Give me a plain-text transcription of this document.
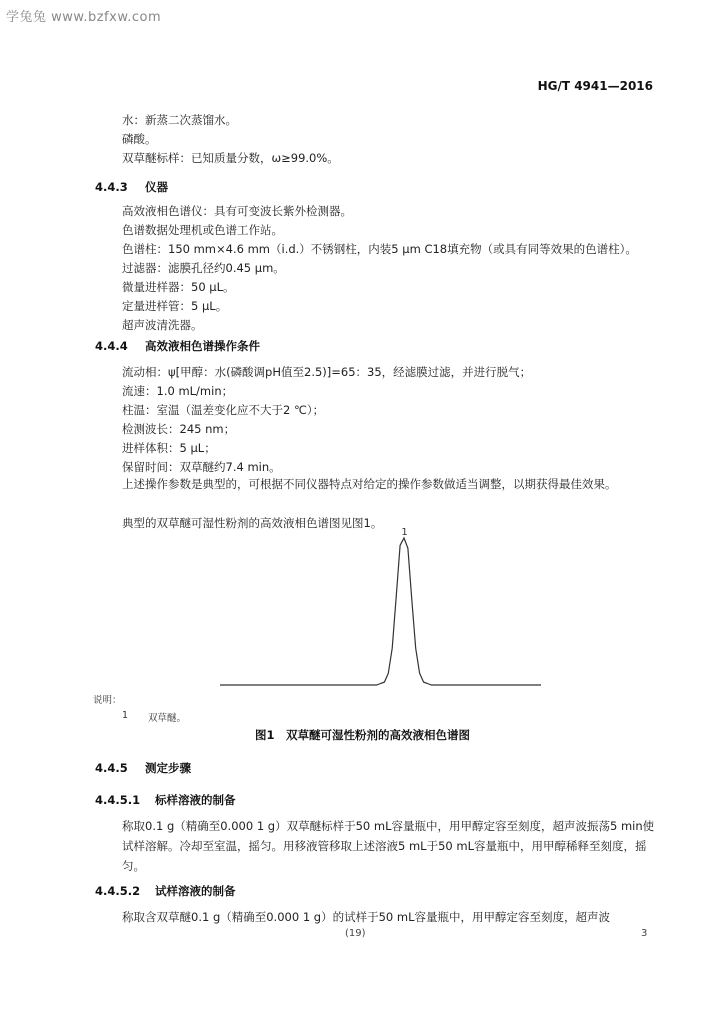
学兔兔 www.bzfxw.com
HG/T 4941—2016
水：新蒸二次蒸馏水。
磷酸。
双草醚标样：已知质量分数，ω≥99.0%。
4.4.3 仪器
高效液相色谱仪：具有可变波长紫外检测器。
色谱数据处理机或色谱工作站。
色谱柱：150 mm×4.6 mm（i.d.）不锈钢柱，内装5 μm C18填充物（或具有同等效果的色谱柱）。
过滤器：滤膜孔径约0.45 μm。
微量进样器：50 μL。
定量进样管：5 μL。
超声波清洗器。
4.4.4 高效液相色谱操作条件
流动相：ψ[甲醇：水(磷酸调pH值至2.5)]=65：35，经滤膜过滤，并进行脱气；
流速：1.0 mL/min；
柱温：室温（温差变化应不大于2 ℃）；
检测波长：245 nm；
进样体积：5 μL；
保留时间：双草醚约7.4 min。
上述操作参数是典型的，可根据不同仪器特点对给定的操作参数做适当调整，以期获得最佳效果。
典型的双草醚可湿性粉剂的高效液相色谱图见图1。
1
说明：
1 双草醚。
图1　双草醚可湿性粉剂的高效液相色谱图
4.4.5 测定步骤
4.4.5.1 标样溶液的制备
称取0.1 g（精确至0.000 1 g）双草醚标样于50 mL容量瓶中，用甲醇定容至刻度，超声波振荡5 min使试样溶解。冷却至室温，摇匀。用移液管移取上述溶液5 mL于50 mL容量瓶中，用甲醇稀释至刻度，摇匀。
4.4.5.2 试样溶液的制备
称取含双草醚0.1 g（精确至0.000 1 g）的试样于50 mL容量瓶中，用甲醇定容至刻度，超声波
(19)	3
